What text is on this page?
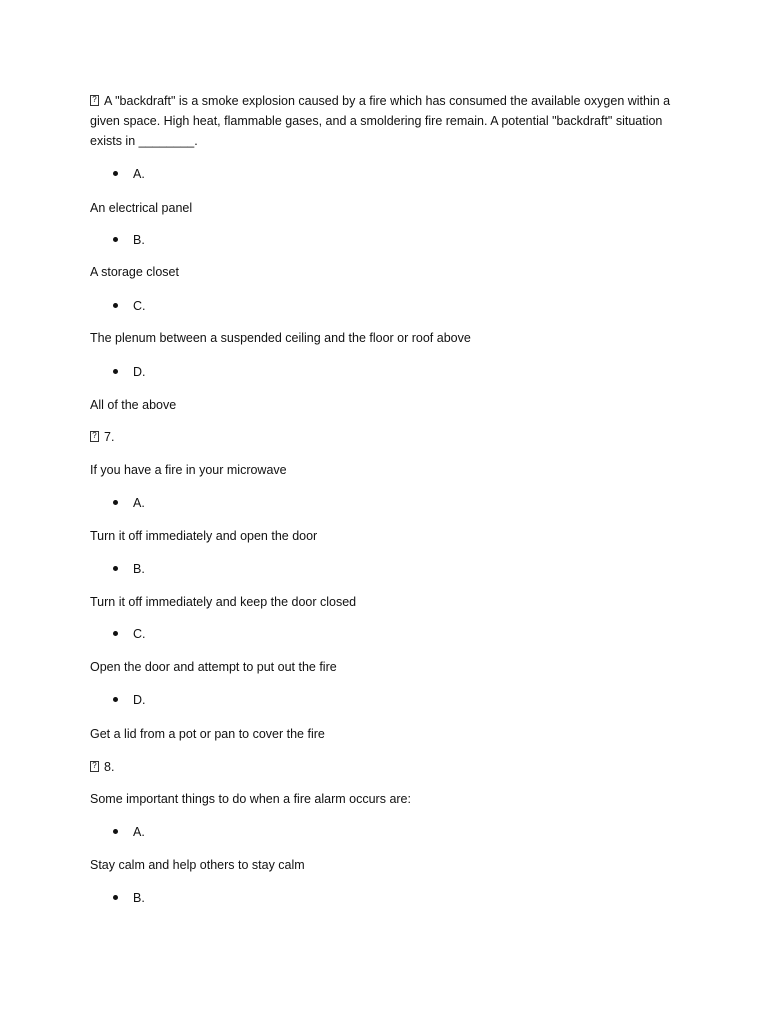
?A "backdraft" is a smoke explosion caused by a fire which has consumed the available oxygen within a given space. High heat, flammable gases, and a smoldering fire remain. A potential "backdraft" situation exists in ________.
A.
An electrical panel
B.
A storage closet
C.
The plenum between a suspended ceiling and the floor or roof above
D.
All of the above
?7.
If you have a fire in your microwave
A.
Turn it off immediately and open the door
B.
Turn it off immediately and keep the door closed
C.
Open the door and attempt to put out the fire
D.
Get a lid from a pot or pan to cover the fire
?8.
Some important things to do when a fire alarm occurs are:
A.
Stay calm and help others to stay calm
B.
